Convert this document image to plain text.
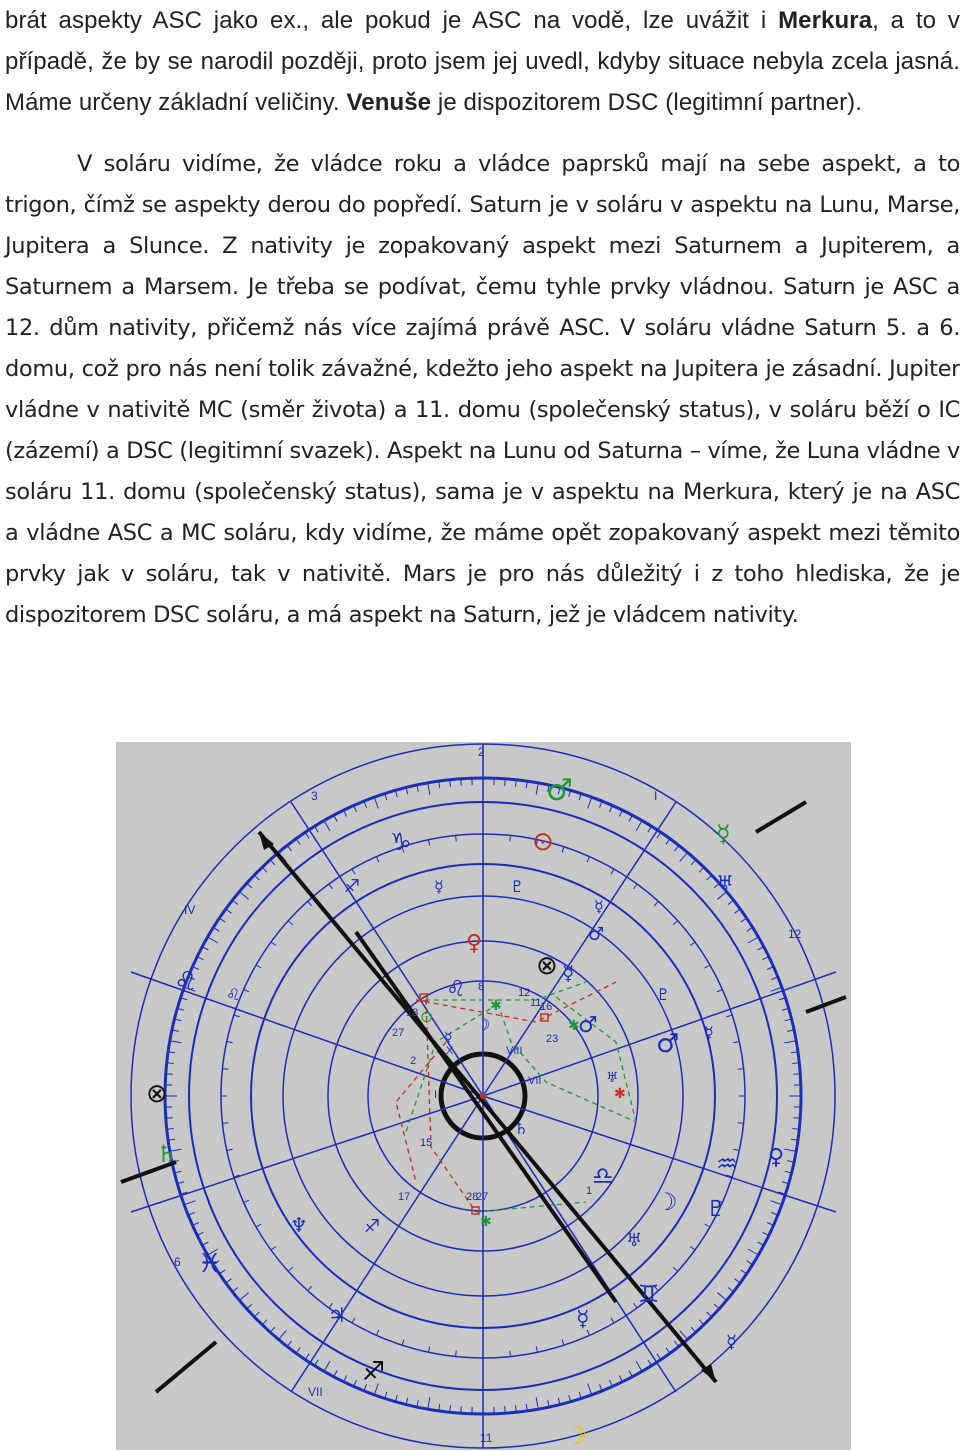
brát aspekty ASC jako ex., ale pokud je ASC na vodě, lze uvážit i Merkura, a to v případě, že by se narodil později, proto jsem jej uvedl, kdyby situace nebyla zcela jasná. Máme určeny základní veličiny. Venuše je dispozitorem DSC (legitimní partner).

V soláru vidíme, že vládce roku a vládce paprsků mají na sebe aspekt, a to trigon, čímž se aspekty derou do popředí. Saturn je v soláru v aspektu na Lunu, Marse, Jupitera a Slunce. Z nativity je zopakovaný aspekt mezi Saturnem a Jupiterem, a Saturnem a Marsem. Je třeba se podívat, čemu tyhle prvky vládnou. Saturn je ASC a 12. dům nativity, přičemž nás více zajímá právě ASC. V soláru vládne Saturn 5. a 6. domu, což pro nás není tolik závažné, kdežto jeho aspekt na Jupitera je zásadní. Jupiter vládne v nativitě MC (směr života) a 11. domu (společenský status), v soláru běží o IC (zázemí) a DSC (legitimní svazek). Aspekt na Lunu od Saturna – víme, že Luna vládne v soláru 11. domu (společenský status), sama je v aspektu na Merkura, který je na ASC a vládne ASC a MC soláru, kdy vidíme, že máme opět zopakovaný aspekt mezi těmito prvky jak v soláru, tak v nativitě. Mars je pro nás důležitý i z toho hlediska, že je dispozitorem DSC soláru, a má aspekt na Saturn, jež je vládcem nativity.

2
3	I
12
IV
6
VII
11
I
X	VIII
VII
8	12
11
27
18
2
16
23
15
17	28
27	1
♂
⊙
♑
♐	☿	♇
☿
♂
♀
⊗ ☿
☿
♅
♌ ♌
⊗
♄
♌
⊙
☿
☽	♂
♂
♇
☿
♄
♅
♎
☽ ♇
♒ ♀
♅
♊
☿
♓
♆	♐
♃
♐
☽
☿
✱
✱
✱
✱
